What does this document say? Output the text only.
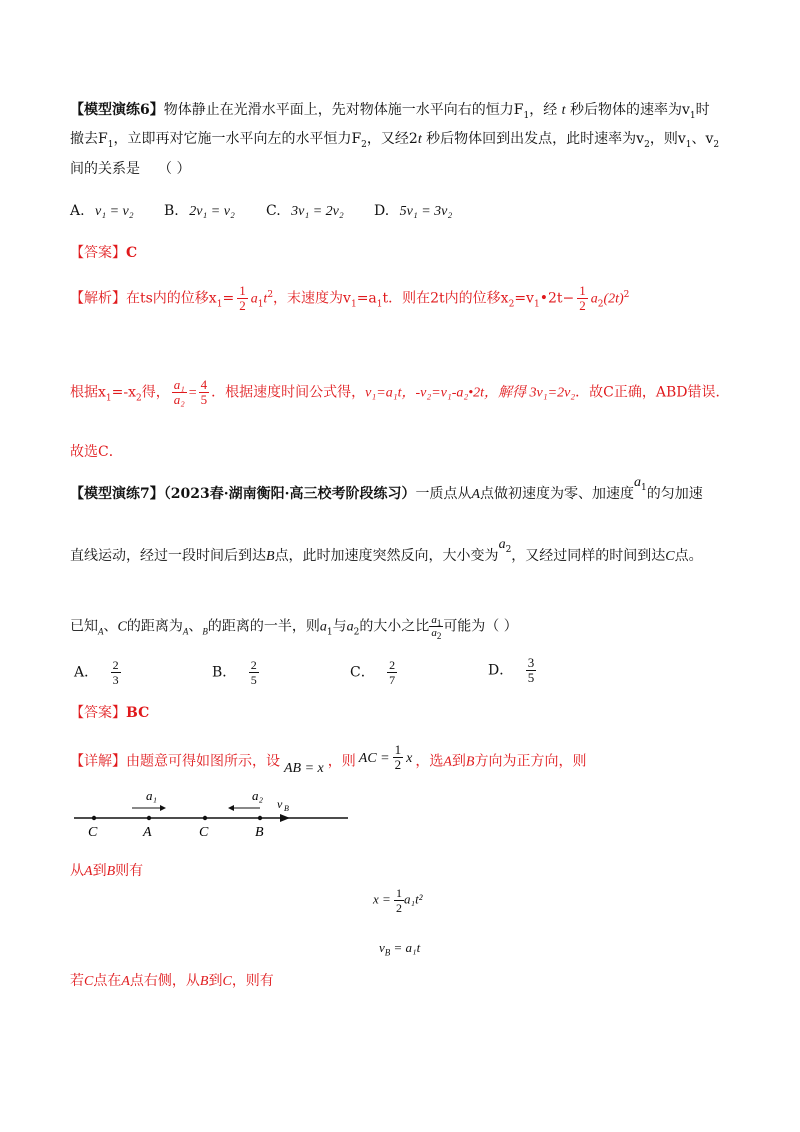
【模型演练6】物体静止在光滑水平面上，先对物体施一水平向右的恒力$F_1$，经 t 秒后物体的速率为$v_1$时
撤去$F_1$，立即再对它施一水平向左的水平恒力$F_2$，又经2t 秒后物体回到出发点，此时速率为$v_2$，则$v_1$、$v_2$
间的关系是 （ ）
A. v₁ = v₂ B. 2v₁ = v₂ C. 3v₁ = 2v₂ D. 5v₁ = 3v₂
【答案】C
【解析】在ts内的位移$x_1= \frac{1}{2} a_1t^2$，末速度为$v_1=a_1t$．则在2t内的位移$x_2=v_1•2t- \frac{1}{2} a_2(2t)^2$
根据$x_1=-x_2$得， $\frac{\text{a₁}}{\text{a₂}} = \frac{4}{5}$ ．根据速度时间公式得，v₁=a₁t，-v₂=v₁-a₂•2t，解得 3v₁=2v₂．故C正确，ABD错误．
故选C．
【模型演练7】（2023春·湖南衡阳·高三校考阶段练习）一质点从A点做初速度为零、加速度$a_1$的匀加速
直线运动，经过一段时间后到达B点，此时加速度突然反向，大小变为$a_2$，又经过同样的时间到达C点。
已知$_A$、C的距离为$_A$、$_B$的距离的一半，则$a_1$与$a_2$的大小之比 $\frac{a_1}{a_2}$ 可能为（ ）
A． $\frac{2}{3}$	B． $\frac{2}{5}$	C． $\frac{2}{7}$	D． $\frac{3}{5}$
【答案】BC
【详解】由题意可得如图所示，设 AB = x ，则 AC = $\frac{1}{2}$ x ，选A到B方向为正方向，则
a₁	a₂
v B
C	A	C	B
从A到B则有
$x = \frac{1}{2} a_1t^2$
$v_B = a_1t$
若C点在A点右侧，从B到C，则有
